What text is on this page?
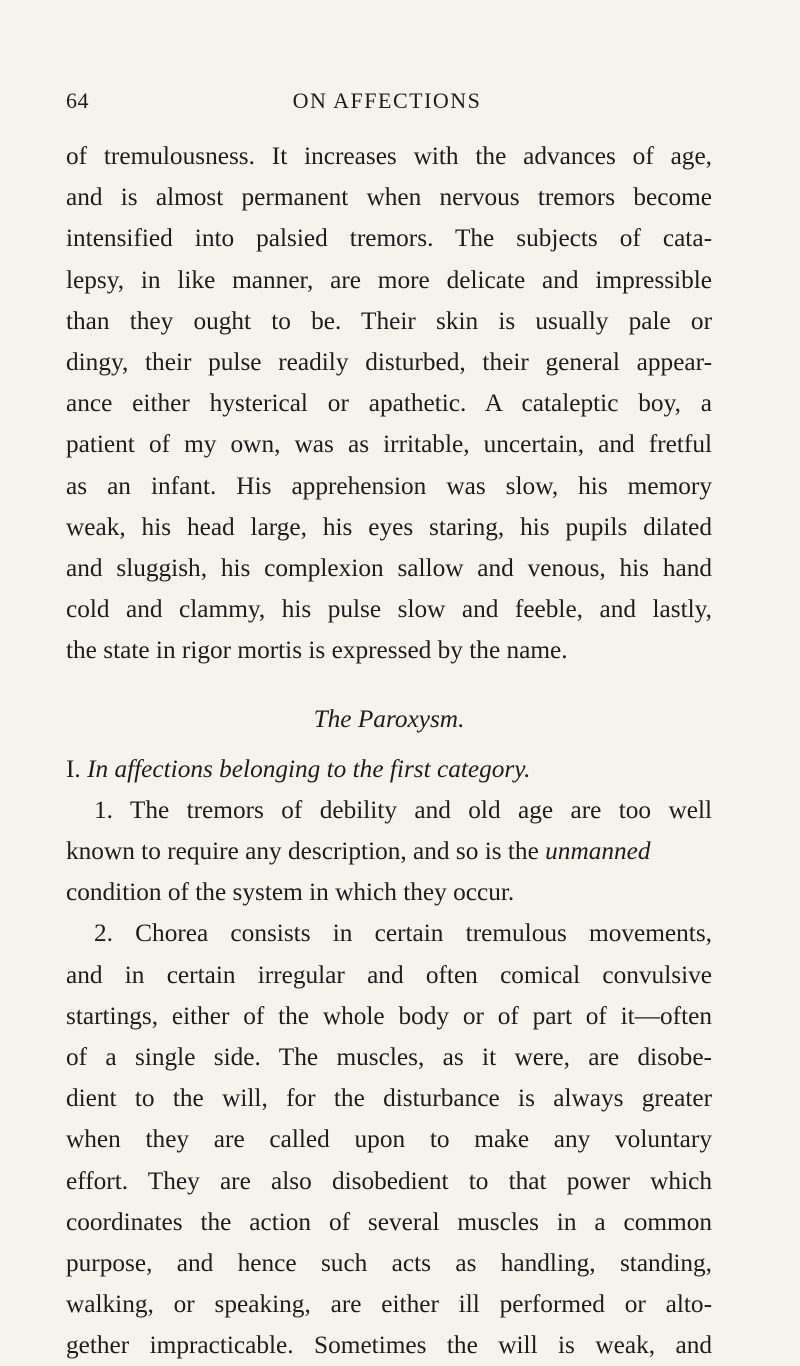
64	ON AFFECTIONS
of tremulousness. It increases with the advances of age,
and is almost permanent when nervous tremors become
intensified into palsied tremors. The subjects of cata-
lepsy, in like manner, are more delicate and impressible
than they ought to be. Their skin is usually pale or
dingy, their pulse readily disturbed, their general appear-
ance either hysterical or apathetic. A cataleptic boy, a
patient of my own, was as irritable, uncertain, and fretful
as an infant. His apprehension was slow, his memory
weak, his head large, his eyes staring, his pupils dilated
and sluggish, his complexion sallow and venous, his hand
cold and clammy, his pulse slow and feeble, and lastly,
the state in rigor mortis is expressed by the name.
The Paroxysm.
I. In affections belonging to the first category.
1. The tremors of debility and old age are too well
known to require any description, and so is the unmanned
condition of the system in which they occur.
2. Chorea consists in certain tremulous movements,
and in certain irregular and often comical convulsive
startings, either of the whole body or of part of it—often
of a single side. The muscles, as it were, are disobe-
dient to the will, for the disturbance is always greater
when they are called upon to make any voluntary
effort. They are also disobedient to that power which
coordinates the action of several muscles in a common
purpose, and hence such acts as handling, standing,
walking, or speaking, are either ill performed or alto-
gether impracticable. Sometimes the will is weak, and
